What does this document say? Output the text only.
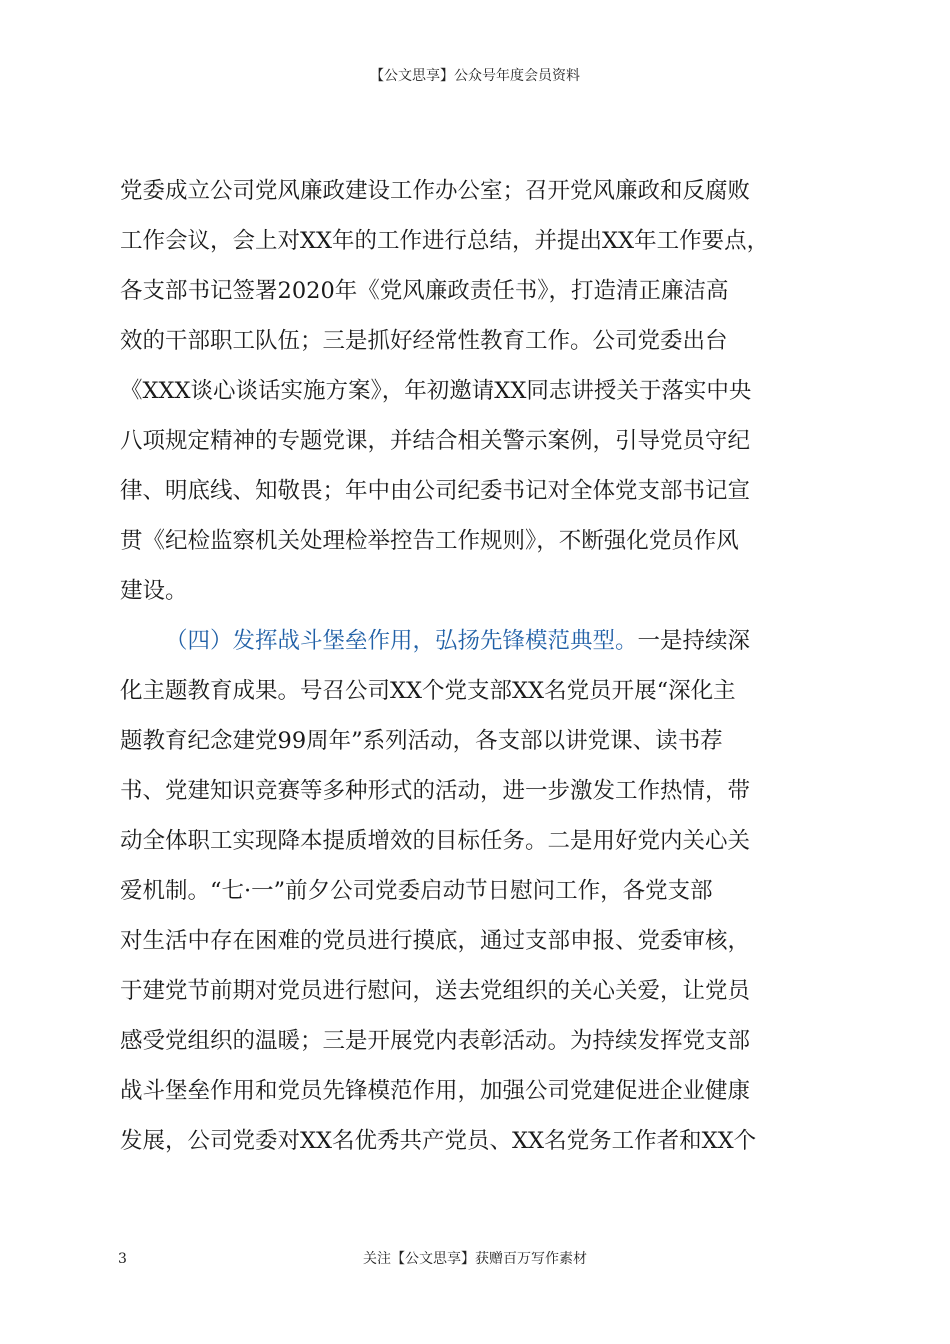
【公文思享】公众号年度会员资料
党委成立公司党风廉政建设工作办公室；召开党风廉政和反腐败
工作会议，会上对XX年的工作进行总结，并提出XX年工作要点，
各支部书记签署2020年《党风廉政责任书》，打造清正廉洁高
效的干部职工队伍；三是抓好经常性教育工作。公司党委出台
《XXX谈心谈话实施方案》，年初邀请XX同志讲授关于落实中央
八项规定精神的专题党课，并结合相关警示案例，引导党员守纪
律、明底线、知敬畏；年中由公司纪委书记对全体党支部书记宣
贯《纪检监察机关处理检举控告工作规则》，不断强化党员作风
建设。
（四）发挥战斗堡垒作用，弘扬先锋模范典型。一是持续深
化主题教育成果。号召公司XX个党支部XX名党员开展“深化主
题教育纪念建党99周年”系列活动，各支部以讲党课、读书荐
书、党建知识竞赛等多种形式的活动，进一步激发工作热情，带
动全体职工实现降本提质增效的目标任务。二是用好党内关心关
爱机制。“七·一”前夕公司党委启动节日慰问工作，各党支部
对生活中存在困难的党员进行摸底，通过支部申报、党委审核，
于建党节前期对党员进行慰问，送去党组织的关心关爱，让党员
感受党组织的温暖；三是开展党内表彰活动。为持续发挥党支部
战斗堡垒作用和党员先锋模范作用，加强公司党建促进企业健康
发展，公司党委对XX名优秀共产党员、XX名党务工作者和XX个
3	关注【公文思享】获赠百万写作素材
